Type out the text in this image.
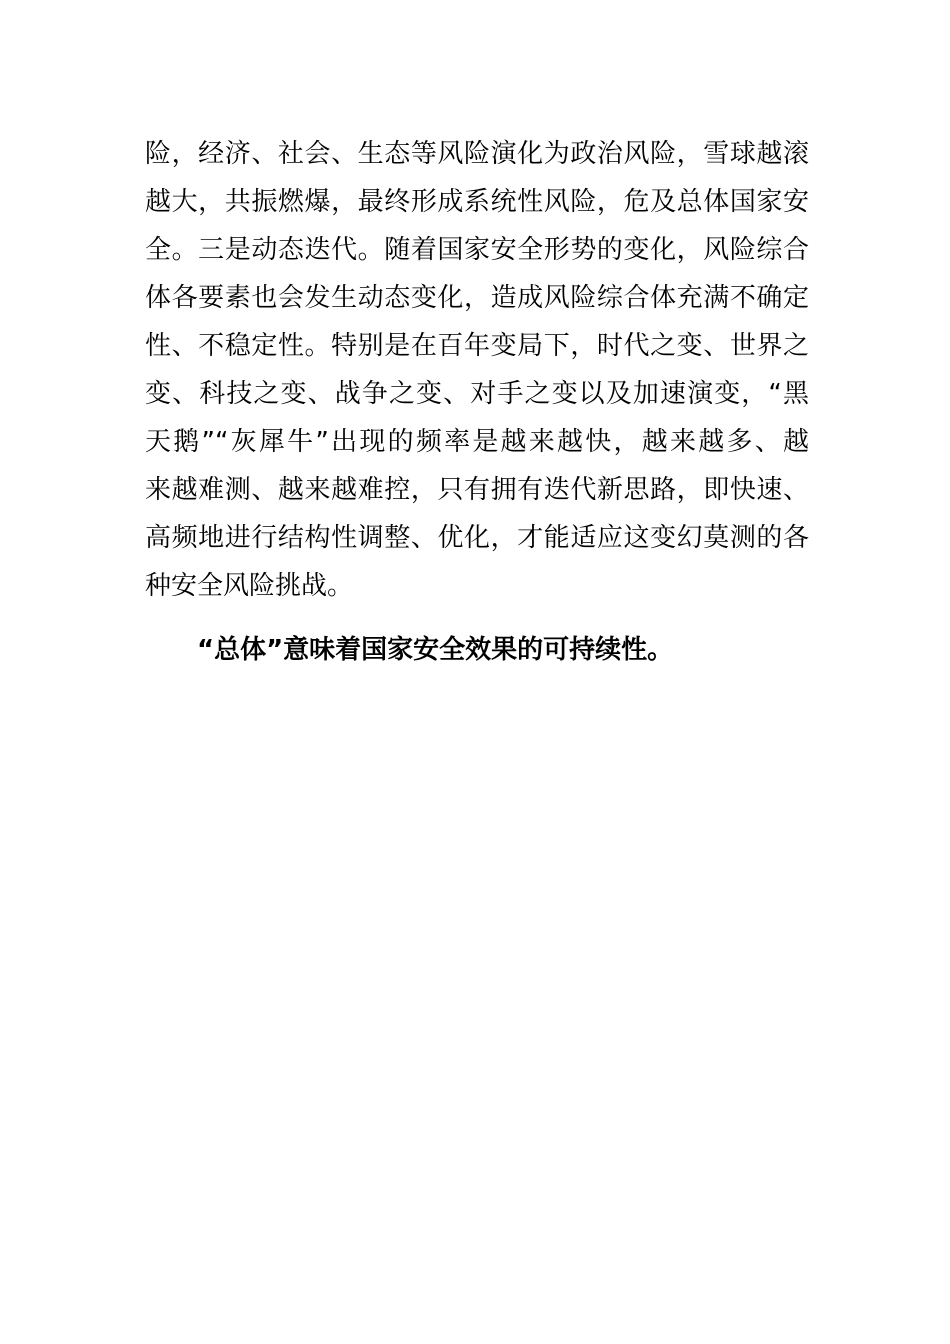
险，经济、社会、生态等风险演化为政治风险，雪球越滚
越大，共振燃爆，最终形成系统性风险，危及总体国家安
全。三是动态迭代。随着国家安全形势的变化，风险综合
体各要素也会发生动态变化，造成风险综合体充满不确定
性、不稳定性。特别是在百年变局下，时代之变、世界之
变、科技之变、战争之变、对手之变以及加速演变，“黑
天鹅”“灰犀牛”出现的频率是越来越快，越来越多、越
来越难测、越来越难控，只有拥有迭代新思路，即快速、
高频地进行结构性调整、优化，才能适应这变幻莫测的各
种安全风险挑战。

“总体”意味着国家安全效果的可持续性。
